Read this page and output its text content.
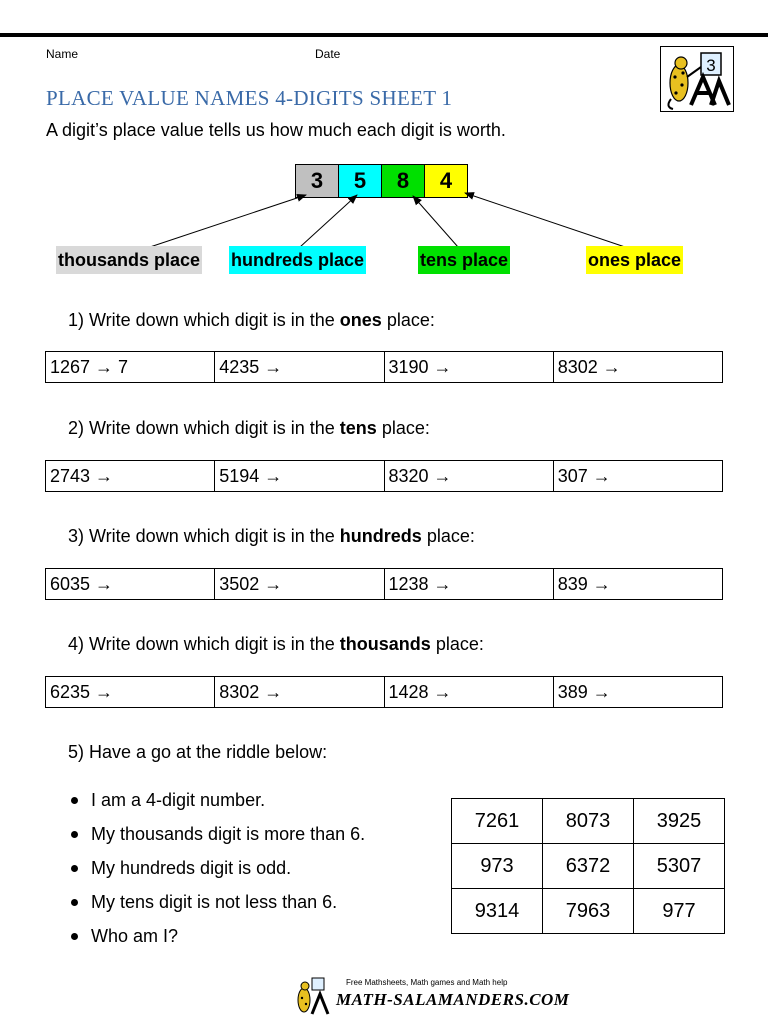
Name	Date
3
PLACE VALUE NAMES 4-DIGITS SHEET 1
A digit’s place value tells us how much each digit is worth.
3	5	8	4
thousands place hundreds place	tens place	ones place
1) Write down which digit is in the ones place:
1267 → 7	4235 →	3190 →	8302 →
2) Write down which digit is in the tens place:
2743 →	5194 →	8320 →	307 →
3) Write down which digit is in the hundreds place:
6035 →	3502 →	1238 →	839 →
4) Write down which digit is in the thousands place:
6235 →	8302 →	1428 →	389 →
5) Have a go at the riddle below:
I am a 4-digit number.
My thousands digit is more than 6.
My hundreds digit is odd.
My tens digit is not less than 6.
Who am I?
7261	8073	3925
973	6372	5307
9314	7963	977
Free Mathsheets, Math games and Math help
MATH-SALAMANDERS.COM
